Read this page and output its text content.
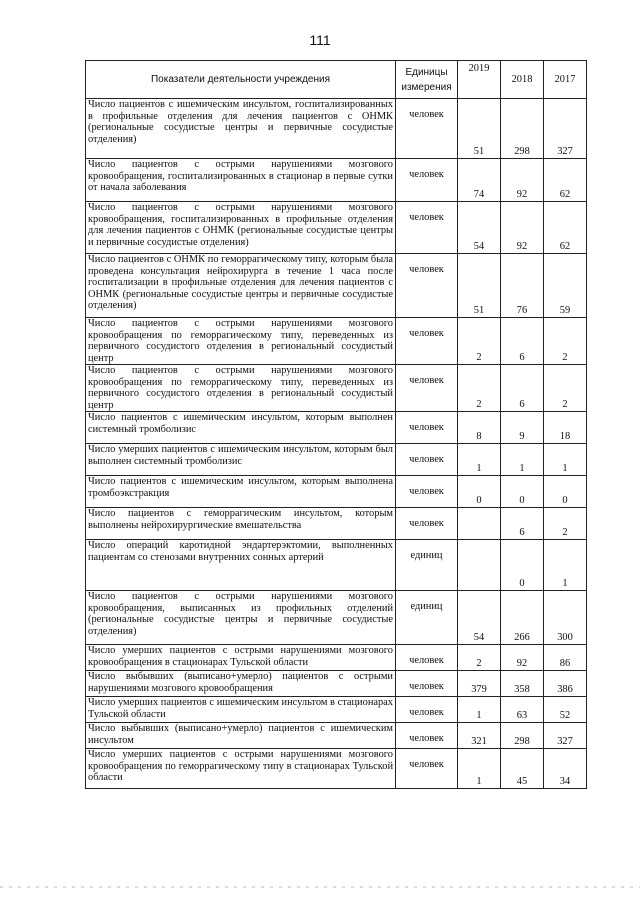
111
Показатели деятельности учреждения	Единицы измерения	2019	2018	2017
Число пациентов с ишемическим инсультом, госпитализированных в профильные отделения для лечения пациентов с ОНМК (региональные сосудистые центры и первичные сосудистые отделения)	человек	51	298	327
Число пациентов с острыми нарушениями мозгового кровообращения, госпитализированных в стационар в первые сутки от начала заболевания	человек	74	92	62
Число пациентов с острыми нарушениями мозгового кровообращения, госпитализированных в профильные отделения для лечения пациентов с ОНМК (региональные сосудистые центры и первичные сосудистые отделения)	человек	54	92	62
Число пациентов с ОНМК по геморрагическому типу, которым была проведена консультация нейрохирурга в течение 1 часа после госпитализации в профильные отделения для лечения пациентов с ОНМК (региональные сосудистые центры и первичные сосудистые отделения)	человек	51	76	59
Число пациентов с острыми нарушениями мозгового кровообращения по геморрагическому типу, переведенных из первичного сосудистого отделения в региональный сосудистый центр	человек	2	6	2
Число пациентов с острыми нарушениями мозгового кровообращения по геморрагическому типу, переведенных из первичного сосудистого отделения в региональный сосудистый центр	человек	2	6	2
Число пациентов с ишемическим инсультом, которым выполнен системный тромболизис	человек	8	9	18
Число умерших пациентов с ишемическим инсультом, которым был выполнен системный тромболизис	человек	1	1	1
Число пациентов с ишемическим инсультом, которым выполнена тромбоэкстракция	человек	0	0	0
Число пациентов с геморрагическим инсультом, которым выполнены нейрохирургические вмешательства	человек		6	2
Число операций каротидной эндартерэктомии, выполненных пациентам со стенозами внутренних сонных артерий	единиц		0	1
Число пациентов с острыми нарушениями мозгового кровообращения, выписанных из профильных отделений (региональные сосудистые центры и первичные сосудистые отделения)	единиц	54	266	300
Число умерших пациентов с острыми нарушениями мозгового кровообращения в стационарах Тульской области	человек	2	92	86
Число выбывших (выписано+умерло) пациентов с острыми нарушениями мозгового кровообращения	человек	379	358	386
Число умерших пациентов с ишемическим инсультом в стационарах Тульской области	человек	1	63	52
Число выбывших (выписано+умерло) пациентов с ишемическим инсультом	человек	321	298	327
Число умерших пациентов с острыми нарушениями мозгового кровообращения по геморрагическому типу в стационарах Тульской области	человек	1	45	34
